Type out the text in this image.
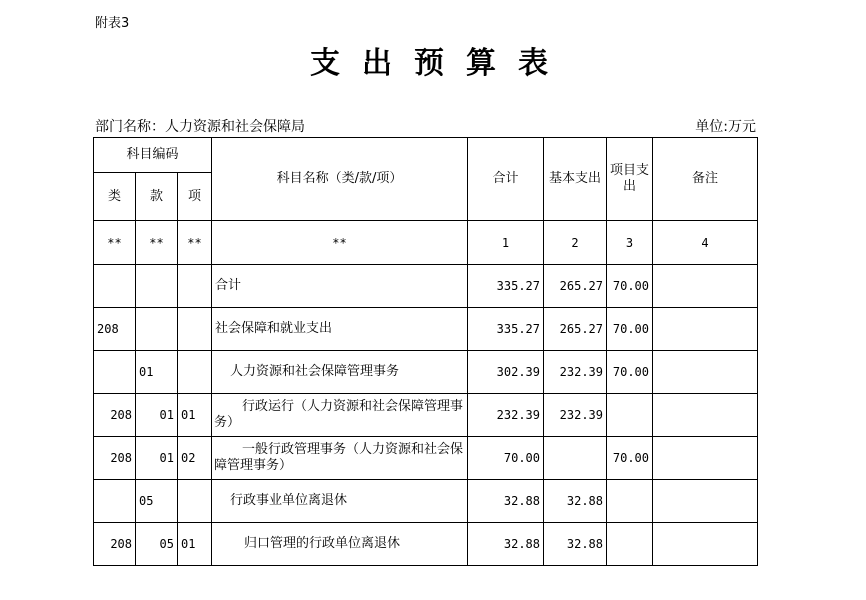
附表3
支出预算表
部门名称：人力资源和社会保障局	单位:万元
科目编码			科目名称（类/款/项）	合计	基本支出	项目支出	备注
类	款	项					
**	**	**	**	1	2	3	4
			合计	335.27	265.27	70.00	
208			社会保障和就业支出	335.27	265.27	70.00	
	01		人力资源和社会保障管理事务	302.39	232.39	70.00	
208	01	01	行政运行（人力资源和社会保障管理事务）	232.39	232.39		
208	01	02	一般行政管理事务（人力资源和社会保障管理事务）	70.00		70.00	
	05		行政事业单位离退休	32.88	32.88		
208	05	01	归口管理的行政单位离退休	32.88	32.88		
